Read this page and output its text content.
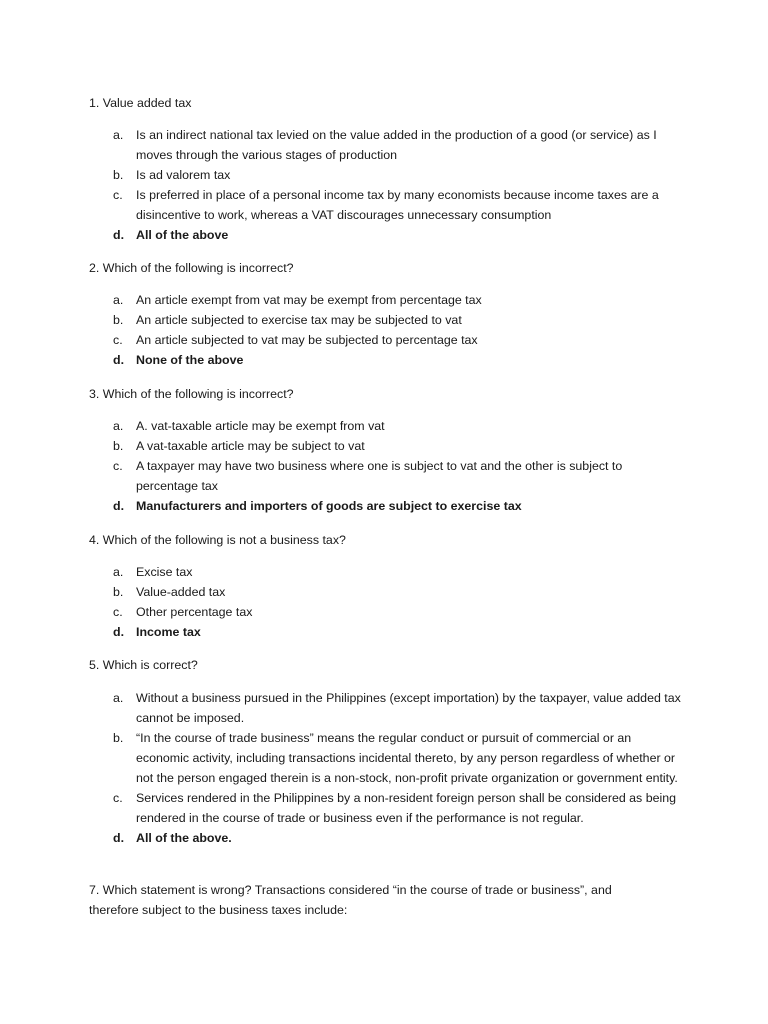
1. Value added tax

a. Is an indirect national tax levied on the value added in the production of a good (or service) as I moves through the various stages of production
b. Is ad valorem tax
c. Is preferred in place of a personal income tax by many economists because income taxes are a disincentive to work, whereas a VAT discourages unnecessary consumption
d. All of the above

2. Which of the following is incorrect?

a. An article exempt from vat may be exempt from percentage tax
b. An article subjected to exercise tax may be subjected to vat
c. An article subjected to vat may be subjected to percentage tax
d. None of the above

3. Which of the following is incorrect?

a. A. vat-taxable article may be exempt from vat
b. A vat-taxable article may be subject to vat
c. A taxpayer may have two business where one is subject to vat and the other is subject to percentage tax
d. Manufacturers and importers of goods are subject to exercise tax

4. Which of the following is not a business tax?

a. Excise tax
b. Value-added tax
c. Other percentage tax
d. Income tax

5. Which is correct?

a. Without a business pursued in the Philippines (except importation) by the taxpayer, value added tax cannot be imposed.
b. “In the course of trade business” means the regular conduct or pursuit of commercial or an economic activity, including transactions incidental thereto, by any person regardless of whether or not the person engaged therein is a non-stock, non-profit private organization or government entity.
c. Services rendered in the Philippines by a non-resident foreign person shall be considered as being rendered in the course of trade or business even if the performance is not regular.
d. All of the above.

7. Which statement is wrong? Transactions considered “in the course of trade or business”, and therefore subject to the business taxes include:
